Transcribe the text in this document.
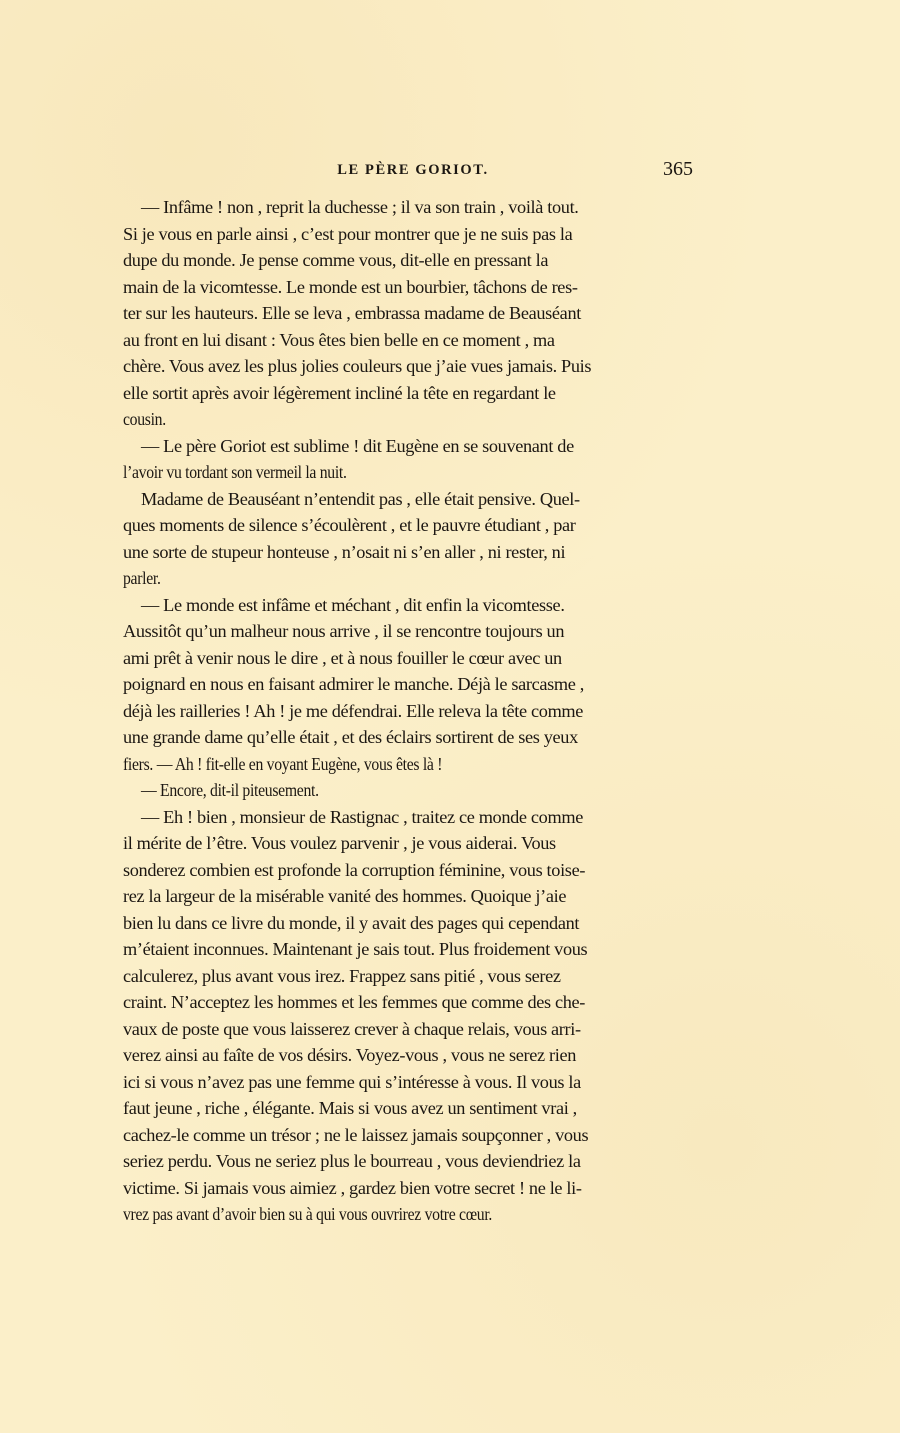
LE PÈRE GORIOT.	365
— Infâme ! non , reprit la duchesse ; il va son train , voilà tout.
Si je vous en parle ainsi , c’est pour montrer que je ne suis pas la
dupe du monde. Je pense comme vous, dit-elle en pressant la
main de la vicomtesse. Le monde est un bourbier, tâchons de res-
ter sur les hauteurs. Elle se leva , embrassa madame de Beauséant
au front en lui disant : Vous êtes bien belle en ce moment , ma
chère. Vous avez les plus jolies couleurs que j’aie vues jamais. Puis
elle sortit après avoir légèrement incliné la tête en regardant le
cousin.
— Le père Goriot est sublime ! dit Eugène en se souvenant de
l’avoir vu tordant son vermeil la nuit.
Madame de Beauséant n’entendit pas , elle était pensive. Quel-
ques moments de silence s’écoulèrent , et le pauvre étudiant , par
une sorte de stupeur honteuse , n’osait ni s’en aller , ni rester, ni
parler.
— Le monde est infâme et méchant , dit enfin la vicomtesse.
Aussitôt qu’un malheur nous arrive , il se rencontre toujours un
ami prêt à venir nous le dire , et à nous fouiller le cœur avec un
poignard en nous en faisant admirer le manche. Déjà le sarcasme ,
déjà les railleries ! Ah ! je me défendrai. Elle releva la tête comme
une grande dame qu’elle était , et des éclairs sortirent de ses yeux
fiers. — Ah ! fit-elle en voyant Eugène, vous êtes là !
— Encore, dit-il piteusement.
— Eh ! bien , monsieur de Rastignac , traitez ce monde comme
il mérite de l’être. Vous voulez parvenir , je vous aiderai. Vous
sonderez combien est profonde la corruption féminine, vous toise-
rez la largeur de la misérable vanité des hommes. Quoique j’aie
bien lu dans ce livre du monde, il y avait des pages qui cependant
m’étaient inconnues. Maintenant je sais tout. Plus froidement vous
calculerez, plus avant vous irez. Frappez sans pitié , vous serez
craint. N’acceptez les hommes et les femmes que comme des che-
vaux de poste que vous laisserez crever à chaque relais, vous arri-
verez ainsi au faîte de vos désirs. Voyez-vous , vous ne serez rien
ici si vous n’avez pas une femme qui s’intéresse à vous. Il vous la
faut jeune , riche , élégante. Mais si vous avez un sentiment vrai ,
cachez-le comme un trésor ; ne le laissez jamais soupçonner , vous
seriez perdu. Vous ne seriez plus le bourreau , vous deviendriez la
victime. Si jamais vous aimiez , gardez bien votre secret ! ne le li-
vrez pas avant d’avoir bien su à qui vous ouvrirez votre cœur.
